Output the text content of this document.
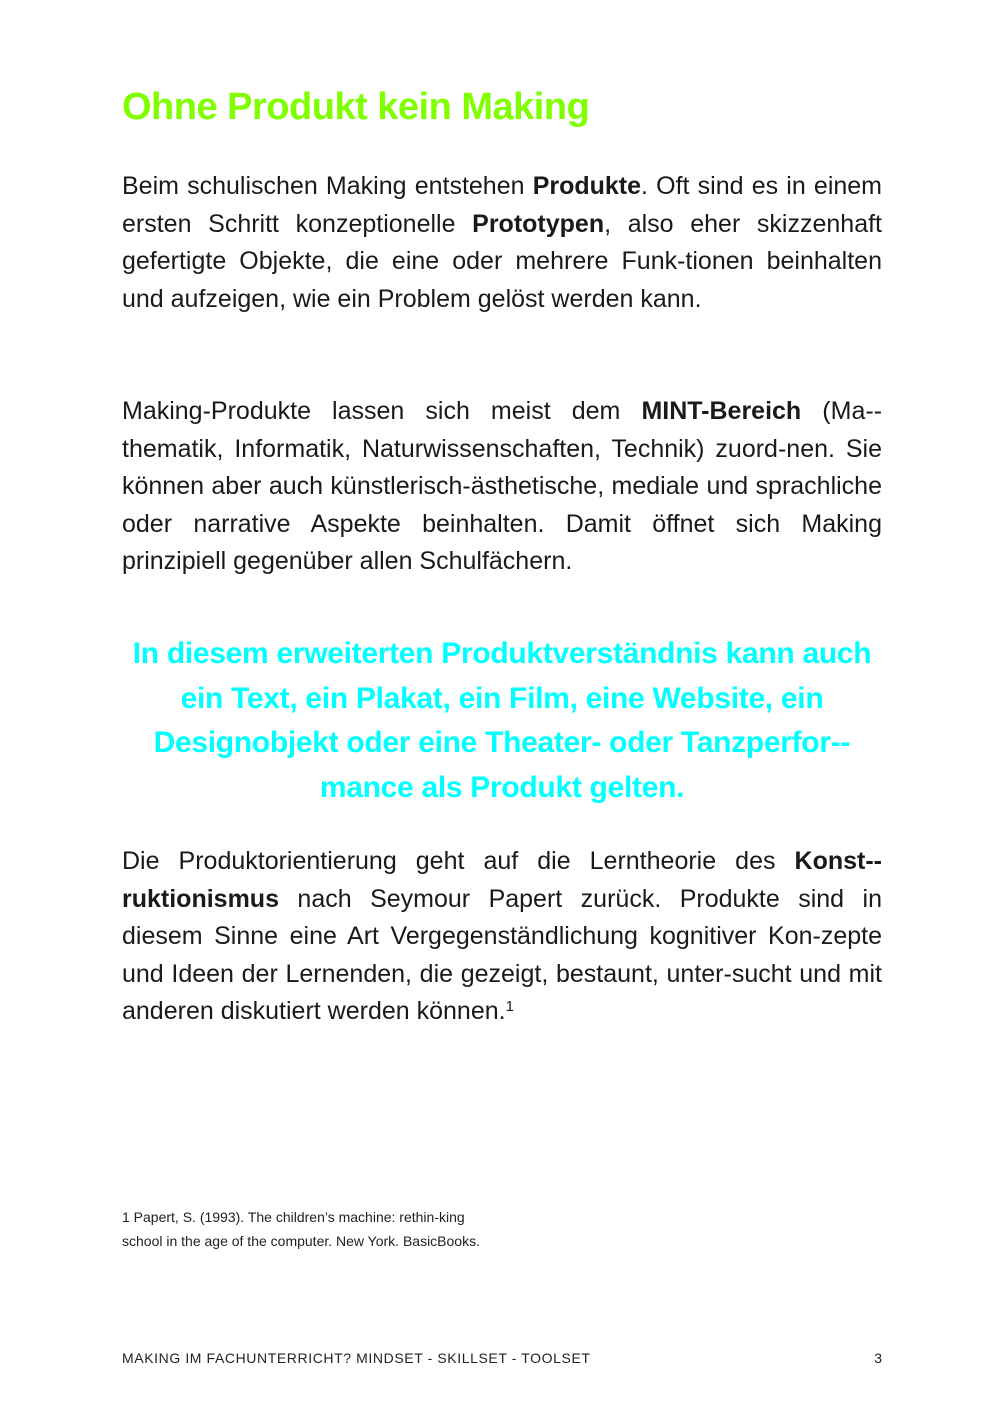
Ohne Produkt kein Making

Beim schulischen Making entstehen Produkte. Oft sind es in einem ersten Schritt konzeptionelle Prototypen, also eher skizzenhaft gefertigte Objekte, die eine oder mehrere Funk-tionen beinhalten und aufzeigen, wie ein Problem gelöst werden kann.

Making-Produkte lassen sich meist dem MINT-Bereich (Ma-thematik, Informatik, Naturwissenschaften, Technik) zuord-nen. Sie können aber auch künstlerisch-ästhetische, mediale und sprachliche oder narrative Aspekte beinhalten. Damit öffnet sich Making prinzipiell gegenüber allen Schulfächern.

In diesem erweiterten Produktverständnis kann auch ein Text, ein Plakat, ein Film, eine Website, ein Designobjekt oder eine Theater- oder Tanzperfor-mance als Produkt gelten.

Die Produktorientierung geht auf die Lerntheorie des Konst-ruktionismus nach Seymour Papert zurück. Produkte sind in diesem Sinne eine Art Vergegenständlichung kognitiver Kon-zepte und Ideen der Lernenden, die gezeigt, bestaunt, unter-sucht und mit anderen diskutiert werden können.$^1$

1 Papert, S. (1993). The children’s machine: rethin-king school in the age of the computer. New York. BasicBooks.

MAKING IM FACHUNTERRICHT? MINDSET - SKILLSET - TOOLSET	3
